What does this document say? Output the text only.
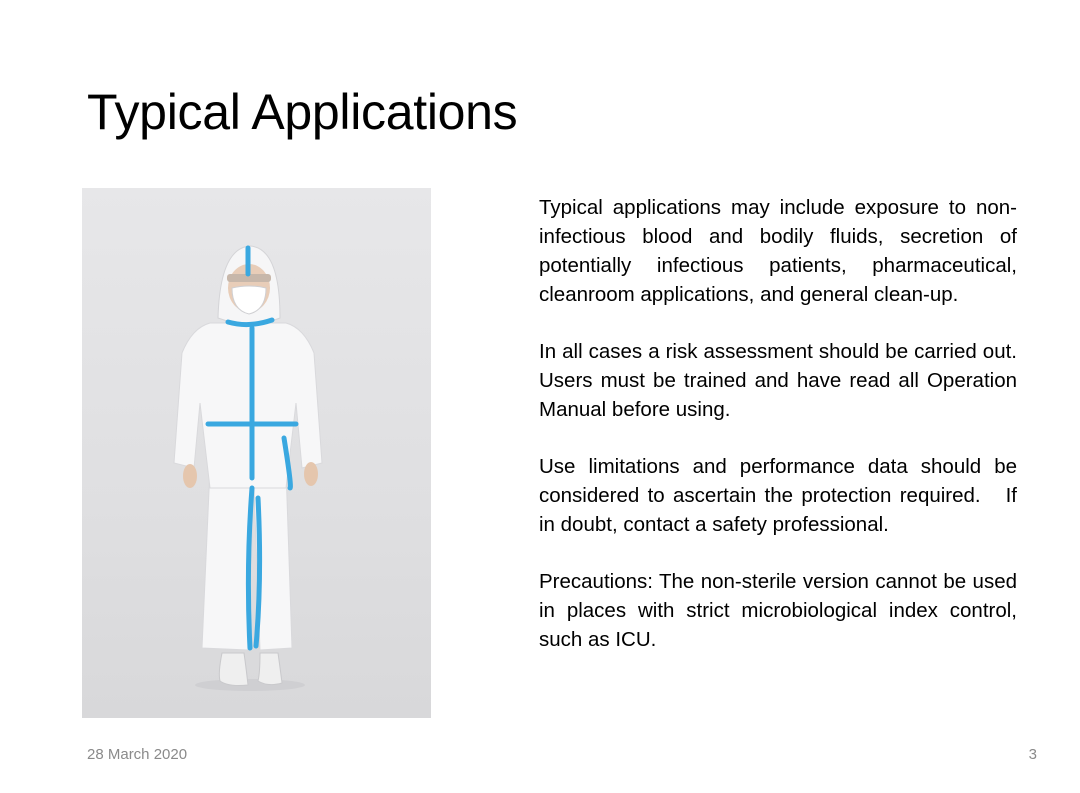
Typical Applications

Typical applications may include exposure to non-infectious blood and bodily fluids, secretion of potentially infectious patients, pharmaceutical, cleanroom applications, and general clean-up.

In all cases a risk assessment should be carried out. Users must be trained and have read all Operation Manual before using.

Use limitations and performance data should be considered to ascertain the protection required.   If in doubt, contact a safety professional.

Precautions: The non-sterile version cannot be used in places with strict microbiological index control, such as ICU.

28 March 2020	3
